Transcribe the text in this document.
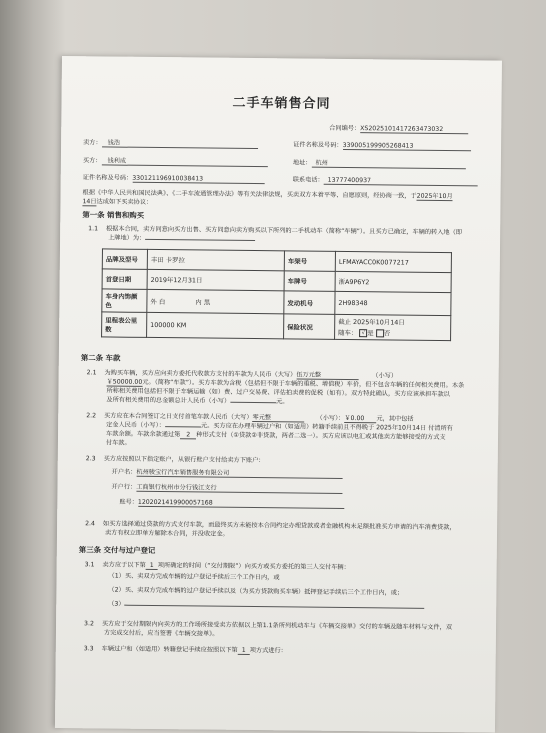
二手车销售合同
合同编号：XS20251014172634730​32
卖方： 钱浩	证件名称及号码：339005199905268413
买方： 钱利成	地址： 杭州
证件名称及号码：330121196910038413	联系电话： 13777400937
根据《中华人民共和国民法典》、《二手车流通管理办法》等有关法律法规，买卖双方本着平等、自愿原则，经协商一致，于2025年10月
14日达成如下买卖协议：
第一条 销售和购买
1.1 根据本合同，卖方同意向买方出售、买方同意向卖方购买以下所列的二手机动车（简称“车辆”）。且买方已确定，车辆的转入地（即
上牌地）为：
品牌及型号	丰田 卡罗拉	车架号	LFMAYACC0K0077217
首登日期	2019年12月31日	车牌号	浙A9P6Y2
车身内饰颜色	外 白 内 黑	发动机号	2H98348
里程表公里数	100000 KM	保险状况	截止 2025年10月14日
随车： √ 是 否
第二条 车款
2.1 为购买车辆，买方应向卖方委托代收款方支付的车款为人民币（大写）伍万元整	（小写）
￥50000.00元。（简称“车款”）。买方车款为含税（包括但不限于车辆的重税、增值税）车价，但不包含车辆的任何相关费用。本条
所称相关费用包括但不限于车辆运输（如）费、过户交易费、评估拍卖费的促税（如有）。双方特此确认，买方应该承担车款以
及所有相关费用的总金额总计人民币（小写）	元。
2.2 买方应在本合同签订之日支付首笔车款人民币（大写）零元整	（小写）：￥0.00 元，其中包括
定金人民币（小写）：	元。买方应在办理车辆过户和（如适用）转籍手续前且不得晚于 2025年10月14日 付清所有
车款余额。车款余款通过第 2 种形式支付（①贷款②非贷款，两者二选一）。买方应该以电汇或其他卖方能够接受的方式支
付车款。
2.3 买方应按照以下指定账户，从银行账户支付给卖方下账户：
开户名：杭州骏宝行汽车销售服务有限公司
开户行：工商银行杭州市分行钱江支行
账号：1202021419900057168
2.4 如买方选择通过贷款的方式支付车款，而最终买方未能按本合同约定办理贷款或者金融机构未足额批准买方申请的汽车消费贷款，
卖方有权立即单方解除本合同，并没收定金。
第三条 交付与过户登记
3.1 卖方应于以下第 1 项所确定的时间（“交付期限”）向买方或买方委托的第三人交付车辆：
（1）买、卖双方完成车辆的过户登记手续后三个工作日内，或
（2）买、卖双方完成车辆的过户登记手续以及（为买方贷款购买车辆）抵押登记手续后三个工作日内，或；
（3）
3.2 买方应于交付期限内向卖方的工作场所接受卖方依据以上第1.1条所列机动车与《车辆交接单》交付的车辆及随车材料与文件，双
方完成交付后，应当签署《车辆交接单》。
3.3 车辆过户和（如适用）转籍登记手续应按照以下第 1 项方式进行：
